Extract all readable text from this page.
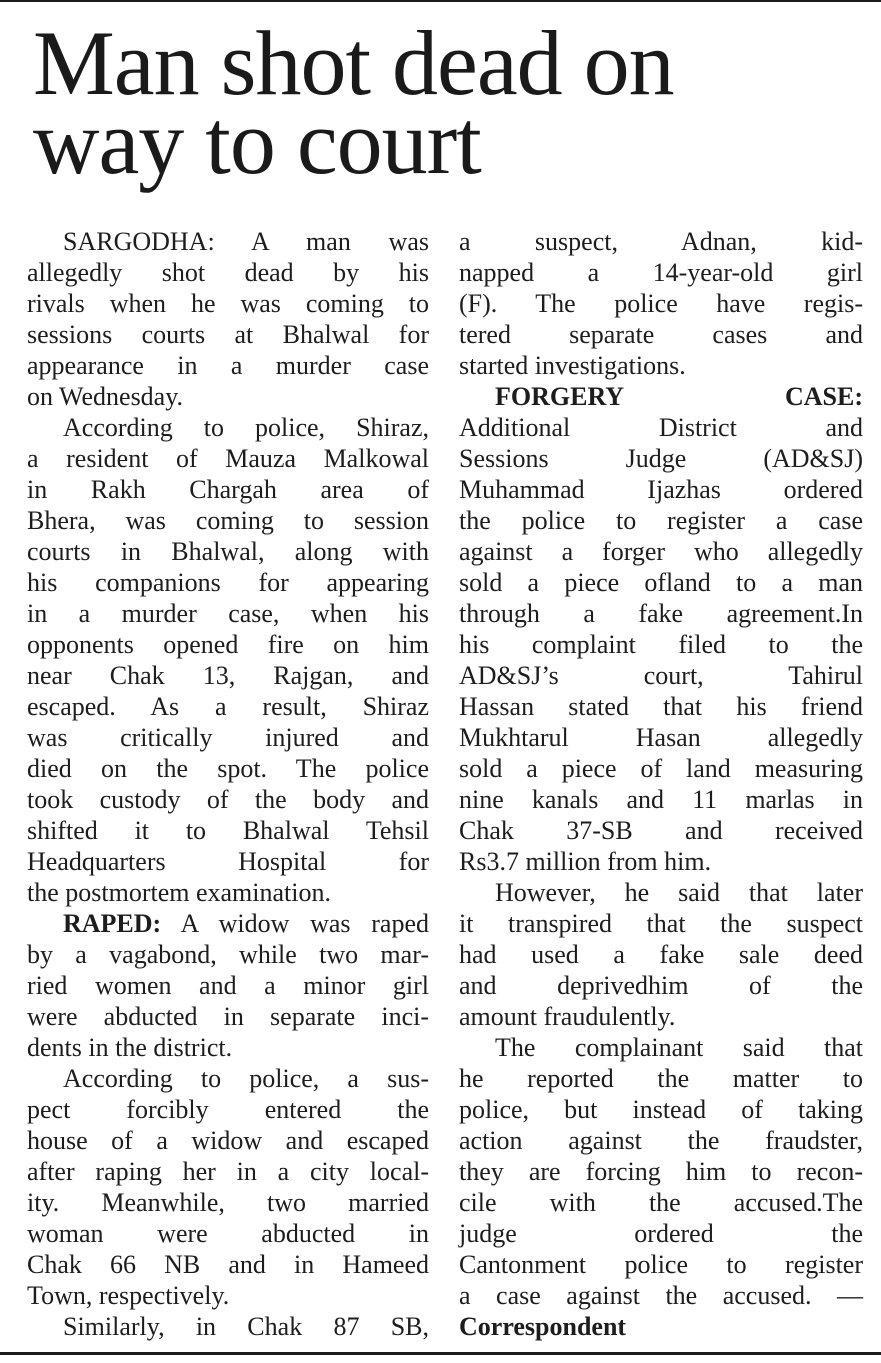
Man shot dead on
way to court
SARGODHA: A man was
allegedly shot dead by his
rivals when he was coming to
sessions courts at Bhalwal for
appearance in a murder case
on Wednesday.
According to police, Shiraz,
a resident of Mauza Malkowal
in Rakh Chargah area of
Bhera, was coming to session
courts in Bhalwal, along with
his companions for appearing
in a murder case, when his
opponents opened fire on him
near Chak 13, Rajgan, and
escaped. As a result, Shiraz
was critically injured and
died on the spot. The police
took custody of the body and
shifted it to Bhalwal Tehsil
Headquarters Hospital for
the postmortem examination.
RAPED: A widow was raped
by a vagabond, while two mar-
ried women and a minor girl
were abducted in separate inci-
dents in the district.
According to police, a sus-
pect forcibly entered the
house of a widow and escaped
after raping her in a city local-
ity. Meanwhile, two married
woman were abducted in
Chak 66 NB and in Hameed
Town, respectively.
Similarly, in Chak 87 SB,
a suspect, Adnan, kid-
napped a 14-year-old girl
(F). The police have regis-
tered separate cases and
started investigations.
FORGERY CASE:
Additional District and
Sessions Judge (AD&SJ)
Muhammad Ijazhas ordered
the police to register a case
against a forger who allegedly
sold a piece ofland to a man
through a fake agreement.In
his complaint filed to the
AD&SJ’s court, Tahirul
Hassan stated that his friend
Mukhtarul Hasan allegedly
sold a piece of land measuring
nine kanals and 11 marlas in
Chak 37-SB and received
Rs3.7 million from him.
However, he said that later
it transpired that the suspect
had used a fake sale deed
and deprivedhim of the
amount fraudulently.
The complainant said that
he reported the matter to
police, but instead of taking
action against the fraudster,
they are forcing him to recon-
cile with the accused.The
judge ordered the
Cantonment police to register
a case against the accused. —
Correspondent
